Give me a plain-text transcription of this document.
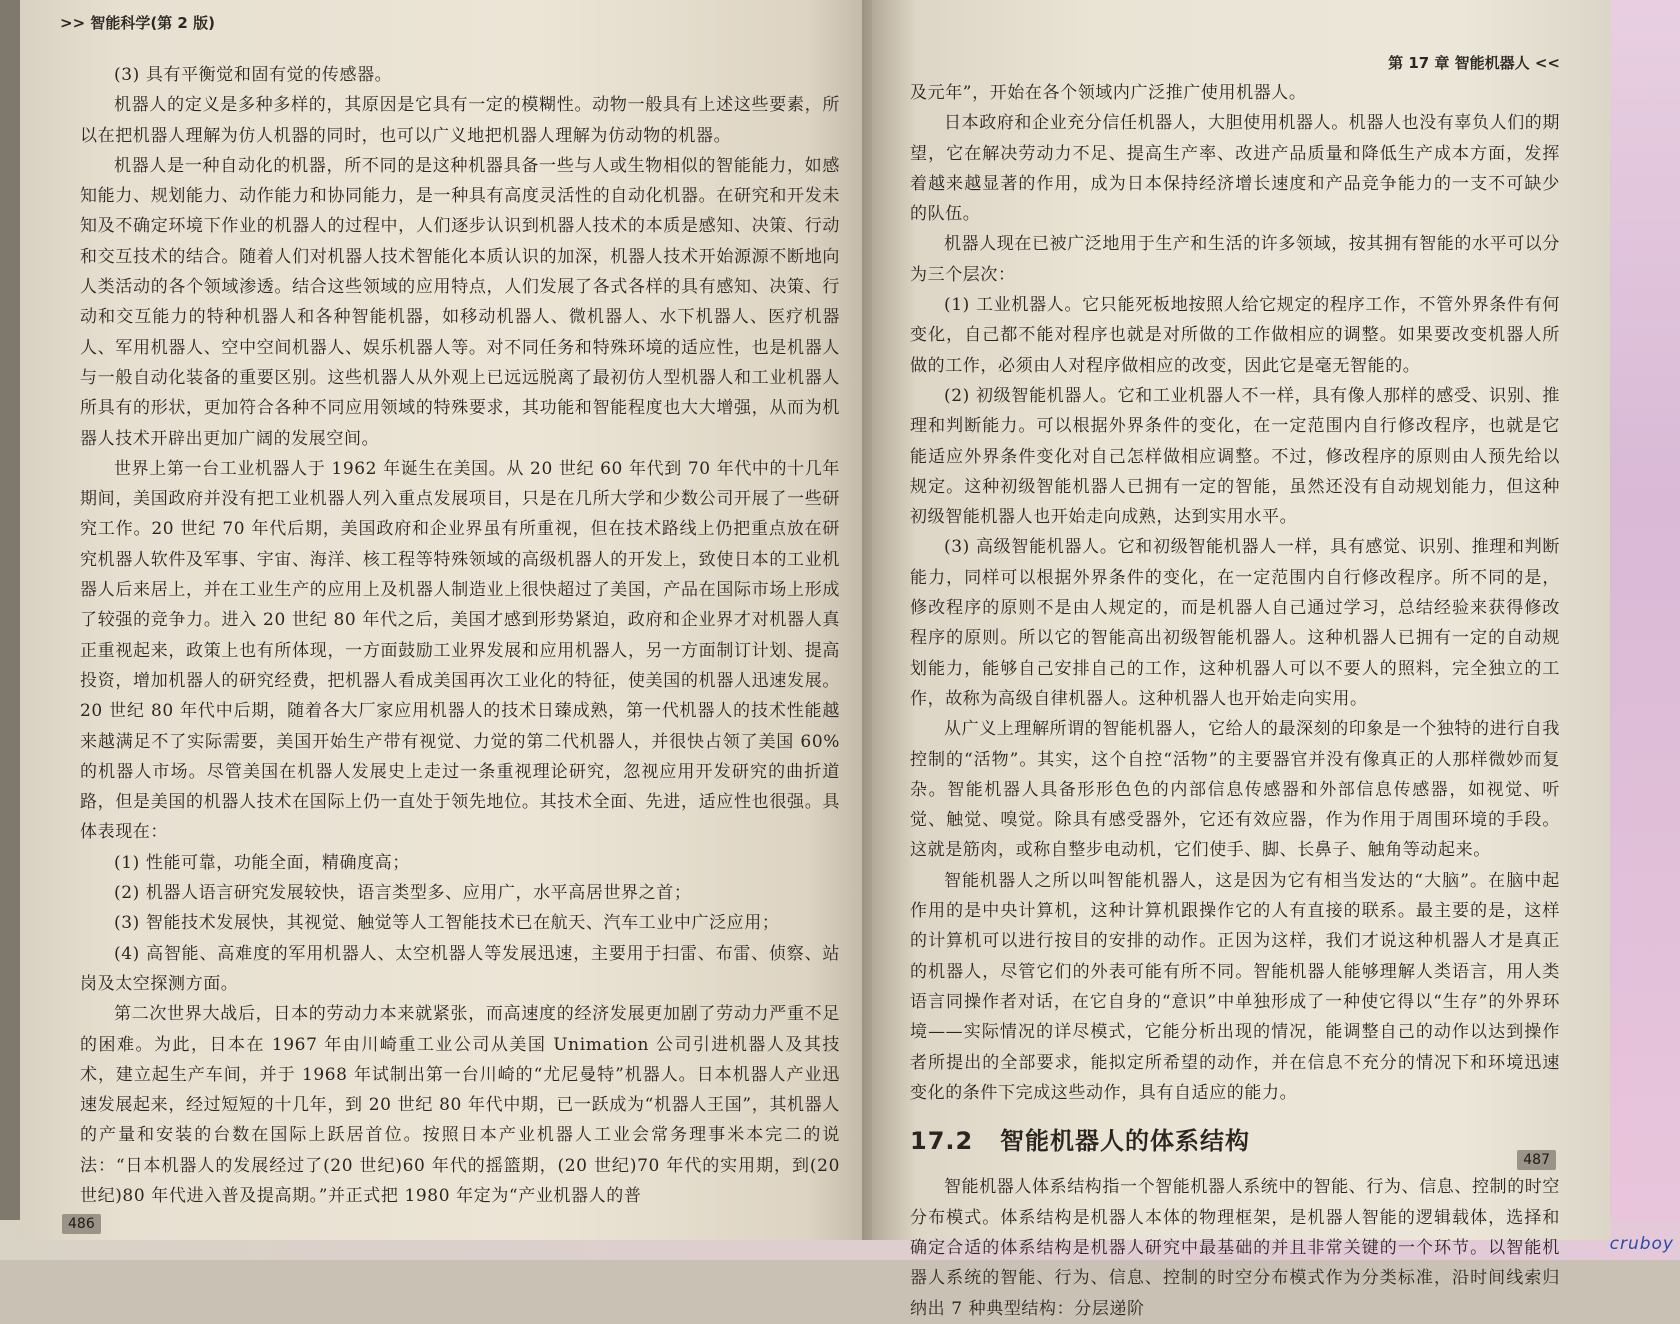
>> 智能科学(第 2 版)

(3) 具有平衡觉和固有觉的传感器。

机器人的定义是多种多样的，其原因是它具有一定的模糊性。动物一般具有上述这些要素，所以在把机器人理解为仿人机器的同时，也可以广义地把机器人理解为仿动物的机器。

机器人是一种自动化的机器，所不同的是这种机器具备一些与人或生物相似的智能能力，如感知能力、规划能力、动作能力和协同能力，是一种具有高度灵活性的自动化机器。在研究和开发未知及不确定环境下作业的机器人的过程中，人们逐步认识到机器人技术的本质是感知、决策、行动和交互技术的结合。随着人们对机器人技术智能化本质认识的加深，机器人技术开始源源不断地向人类活动的各个领域渗透。结合这些领域的应用特点，人们发展了各式各样的具有感知、决策、行动和交互能力的特种机器人和各种智能机器，如移动机器人、微机器人、水下机器人、医疗机器人、军用机器人、空中空间机器人、娱乐机器人等。对不同任务和特殊环境的适应性，也是机器人与一般自动化装备的重要区别。这些机器人从外观上已远远脱离了最初仿人型机器人和工业机器人所具有的形状，更加符合各种不同应用领域的特殊要求，其功能和智能程度也大大增强，从而为机器人技术开辟出更加广阔的发展空间。

世界上第一台工业机器人于 1962 年诞生在美国。从 20 世纪 60 年代到 70 年代中的十几年期间，美国政府并没有把工业机器人列入重点发展项目，只是在几所大学和少数公司开展了一些研究工作。20 世纪 70 年代后期，美国政府和企业界虽有所重视，但在技术路线上仍把重点放在研究机器人软件及军事、宇宙、海洋、核工程等特殊领域的高级机器人的开发上，致使日本的工业机器人后来居上，并在工业生产的应用上及机器人制造业上很快超过了美国，产品在国际市场上形成了较强的竞争力。进入 20 世纪 80 年代之后，美国才感到形势紧迫，政府和企业界才对机器人真正重视起来，政策上也有所体现，一方面鼓励工业界发展和应用机器人，另一方面制订计划、提高投资，增加机器人的研究经费，把机器人看成美国再次工业化的特征，使美国的机器人迅速发展。20 世纪 80 年代中后期，随着各大厂家应用机器人的技术日臻成熟，第一代机器人的技术性能越来越满足不了实际需要，美国开始生产带有视觉、力觉的第二代机器人，并很快占领了美国 60% 的机器人市场。尽管美国在机器人发展史上走过一条重视理论研究，忽视应用开发研究的曲折道路，但是美国的机器人技术在国际上仍一直处于领先地位。其技术全面、先进，适应性也很强。具体表现在：

(1) 性能可靠，功能全面，精确度高；

(2) 机器人语言研究发展较快，语言类型多、应用广，水平高居世界之首；

(3) 智能技术发展快，其视觉、触觉等人工智能技术已在航天、汽车工业中广泛应用；

(4) 高智能、高难度的军用机器人、太空机器人等发展迅速，主要用于扫雷、布雷、侦察、站岗及太空探测方面。

第二次世界大战后，日本的劳动力本来就紧张，而高速度的经济发展更加剧了劳动力严重不足的困难。为此，日本在 1967 年由川崎重工业公司从美国 Unimation 公司引进机器人及其技术，建立起生产车间，并于 1968 年试制出第一台川崎的“尤尼曼特”机器人。日本机器人产业迅速发展起来，经过短短的十几年，到 20 世纪 80 年代中期，已一跃成为“机器人王国”，其机器人的产量和安装的台数在国际上跃居首位。按照日本产业机器人工业会常务理事米本完二的说法：“日本机器人的发展经过了(20 世纪)60 年代的摇篮期，(20 世纪)70 年代的实用期，到(20 世纪)80 年代进入普及提高期。”并正式把 1980 年定为“产业机器人的普

486
第 17 章 智能机器人 <<

及元年”，开始在各个领域内广泛推广使用机器人。

日本政府和企业充分信任机器人，大胆使用机器人。机器人也没有辜负人们的期望，它在解决劳动力不足、提高生产率、改进产品质量和降低生产成本方面，发挥着越来越显著的作用，成为日本保持经济增长速度和产品竞争能力的一支不可缺少的队伍。

机器人现在已被广泛地用于生产和生活的许多领域，按其拥有智能的水平可以分为三个层次：

(1) 工业机器人。它只能死板地按照人给它规定的程序工作，不管外界条件有何变化，自己都不能对程序也就是对所做的工作做相应的调整。如果要改变机器人所做的工作，必须由人对程序做相应的改变，因此它是毫无智能的。

(2) 初级智能机器人。它和工业机器人不一样，具有像人那样的感受、识别、推理和判断能力。可以根据外界条件的变化，在一定范围内自行修改程序，也就是它能适应外界条件变化对自己怎样做相应调整。不过，修改程序的原则由人预先给以规定。这种初级智能机器人已拥有一定的智能，虽然还没有自动规划能力，但这种初级智能机器人也开始走向成熟，达到实用水平。

(3) 高级智能机器人。它和初级智能机器人一样，具有感觉、识别、推理和判断能力，同样可以根据外界条件的变化，在一定范围内自行修改程序。所不同的是，修改程序的原则不是由人规定的，而是机器人自己通过学习，总结经验来获得修改程序的原则。所以它的智能高出初级智能机器人。这种机器人已拥有一定的自动规划能力，能够自己安排自己的工作，这种机器人可以不要人的照料，完全独立的工作，故称为高级自律机器人。这种机器人也开始走向实用。

从广义上理解所谓的智能机器人，它给人的最深刻的印象是一个独特的进行自我控制的“活物”。其实，这个自控“活物”的主要器官并没有像真正的人那样微妙而复杂。智能机器人具备形形色色的内部信息传感器和外部信息传感器，如视觉、听觉、触觉、嗅觉。除具有感受器外，它还有效应器，作为作用于周围环境的手段。这就是筋肉，或称自整步电动机，它们使手、脚、长鼻子、触角等动起来。

智能机器人之所以叫智能机器人，这是因为它有相当发达的“大脑”。在脑中起作用的是中央计算机，这种计算机跟操作它的人有直接的联系。最主要的是，这样的计算机可以进行按目的安排的动作。正因为这样，我们才说这种机器人才是真正的机器人，尽管它们的外表可能有所不同。智能机器人能够理解人类语言，用人类语言同操作者对话，在它自身的“意识”中单独形成了一种使它得以“生存”的外界环境——实际情况的详尽模式，它能分析出现的情况，能调整自己的动作以达到操作者所提出的全部要求，能拟定所希望的动作，并在信息不充分的情况下和环境迅速变化的条件下完成这些动作，具有自适应的能力。

17.2 智能机器人的体系结构

智能机器人体系结构指一个智能机器人系统中的智能、行为、信息、控制的时空分布模式。体系结构是机器人本体的物理框架，是机器人智能的逻辑载体，选择和确定合适的体系结构是机器人研究中最基础的并且非常关键的一个环节。以智能机器人系统的智能、行为、信息、控制的时空分布模式作为分类标准，沿时间线索归纳出 7 种典型结构：分层递阶

487
cruboy
